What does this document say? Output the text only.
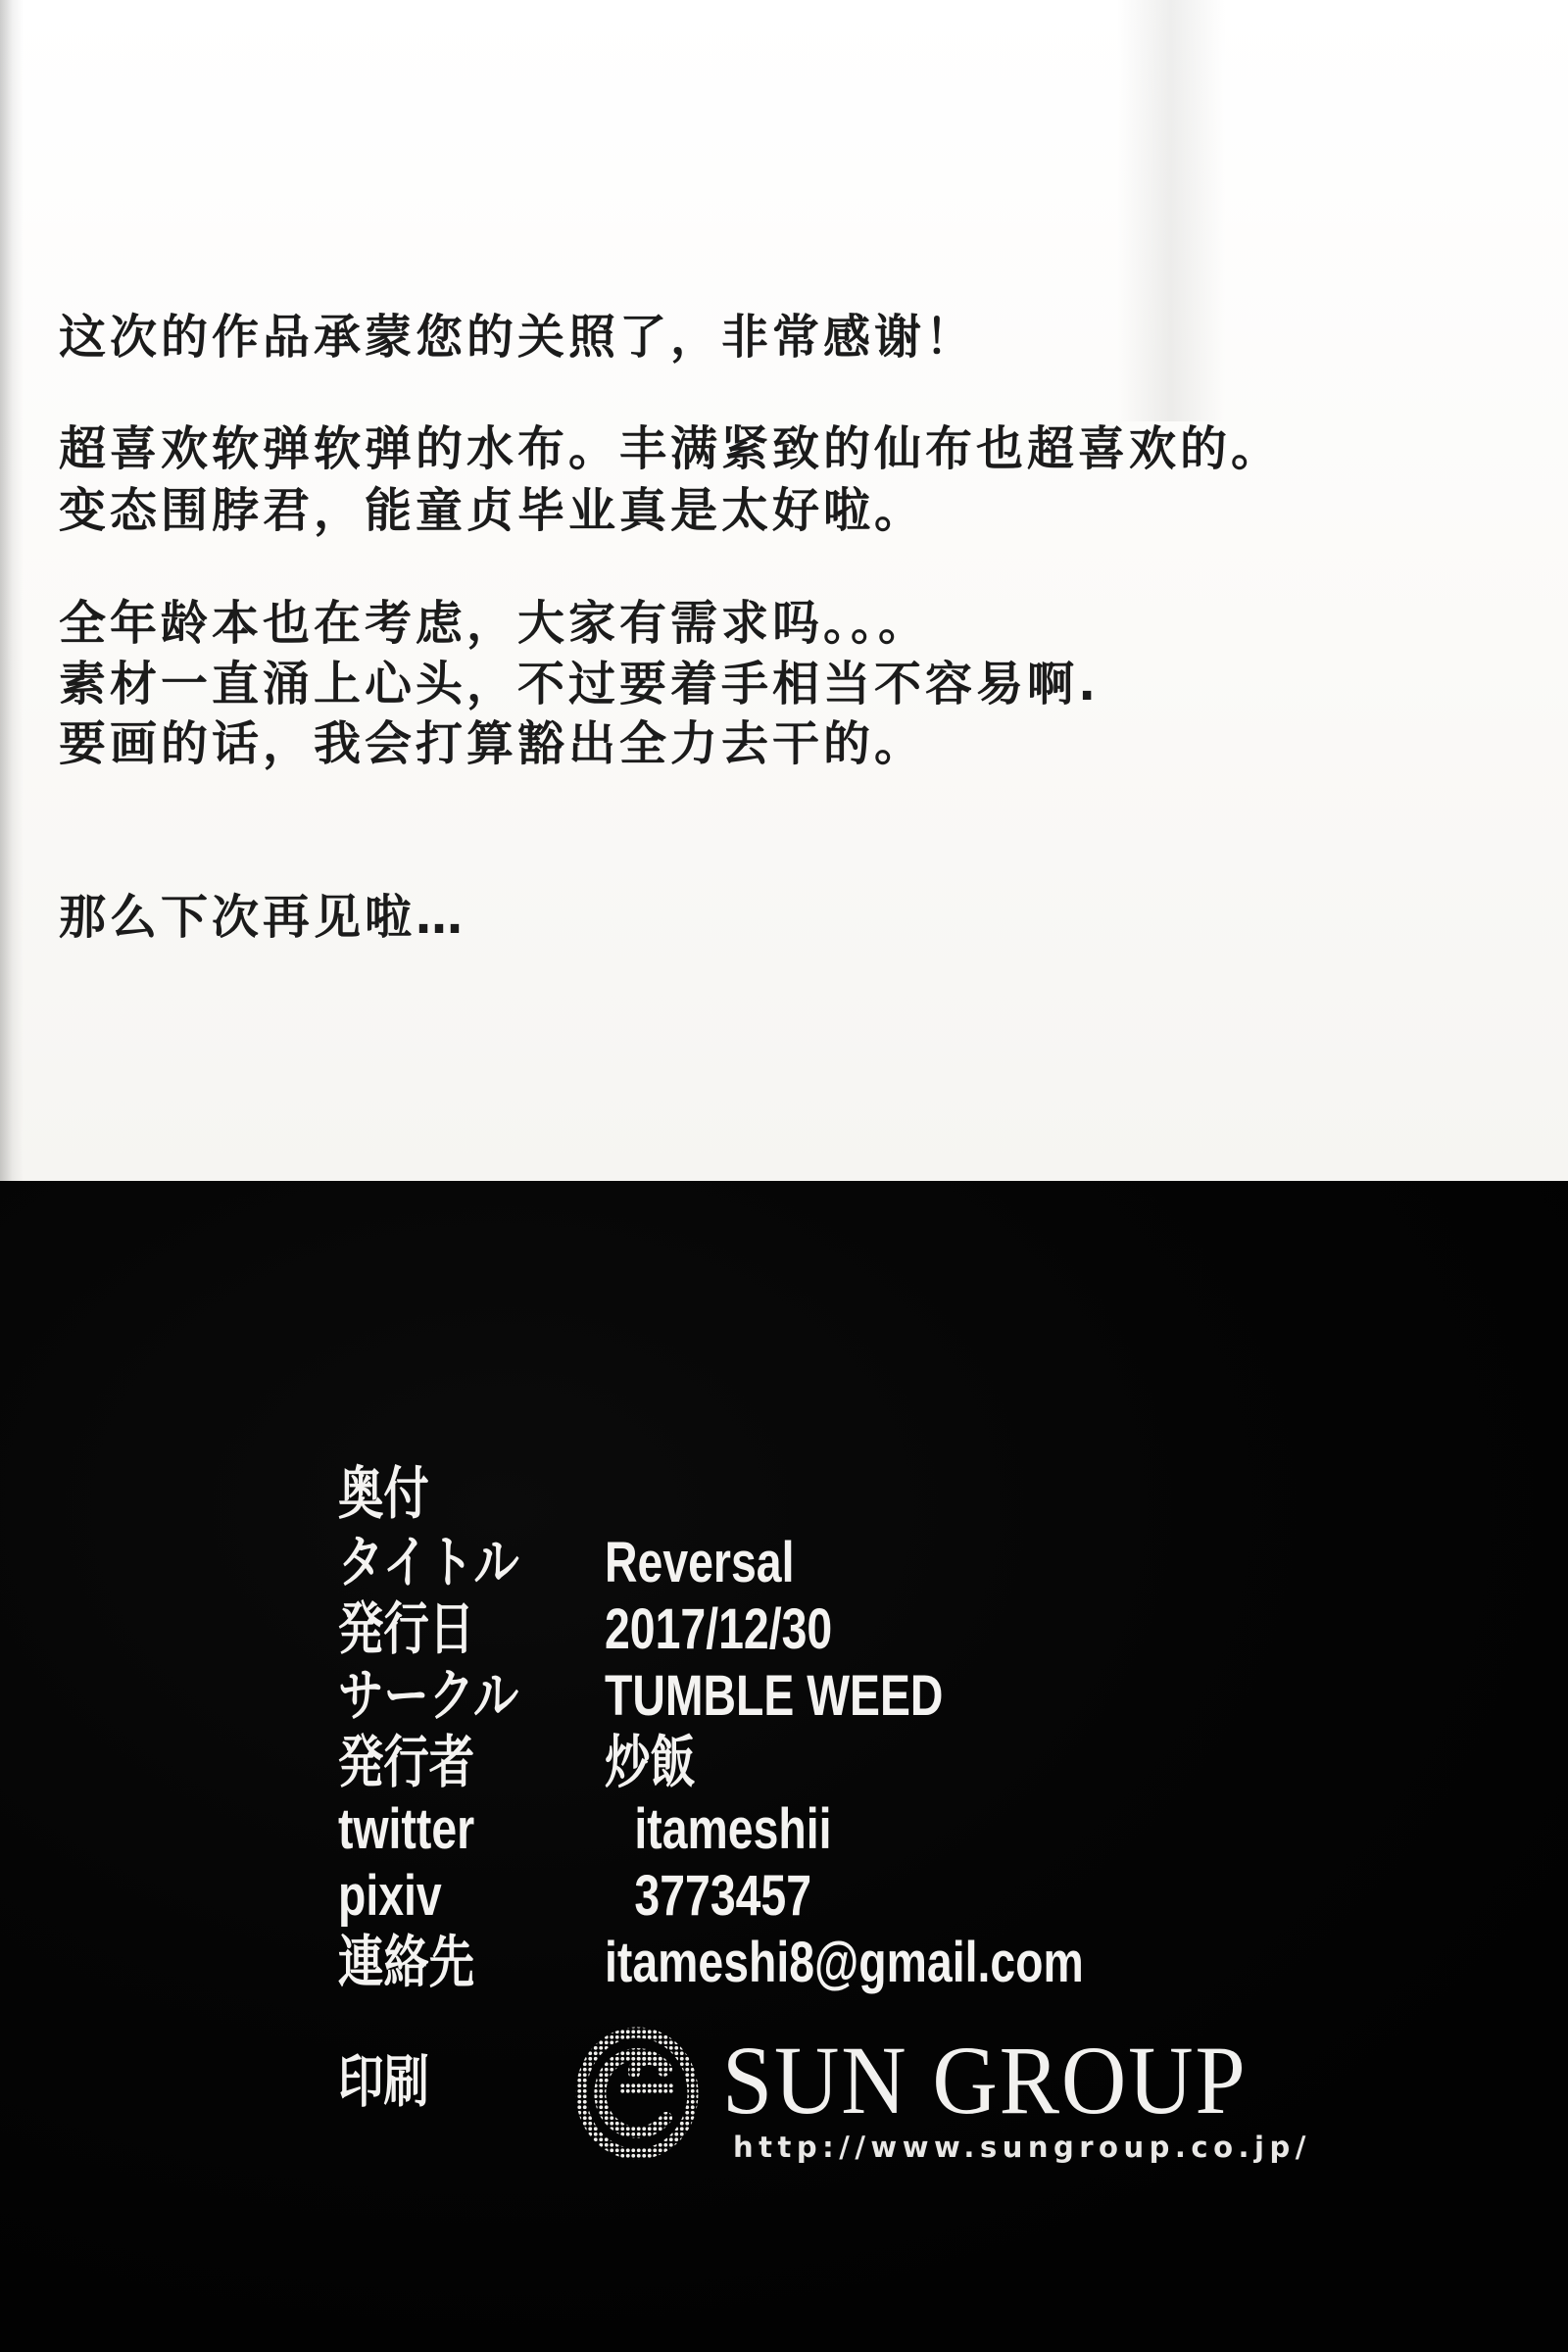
这次的作品承蒙您的关照了，非常感谢！

超喜欢软弹软弹的水布。丰满紧致的仙布也超喜欢的。

变态围脖君，能童贞毕业真是太好啦。

全年龄本也在考虑，大家有需求吗。。。

素材一直涌上心头，不过要着手相当不容易啊.

要画的话，我会打算豁出全力去干的。

那么下次再见啦…

奥付
タイトル	Reversal
発行日	2017/12/30
サークル	TUMBLE WEED
発行者	炒飯
twitter	itameshii
pixiv	3773457
連絡先	itameshi8@gmail.com
印刷	SUN GROUP
http://www.sungroup.co.jp/
